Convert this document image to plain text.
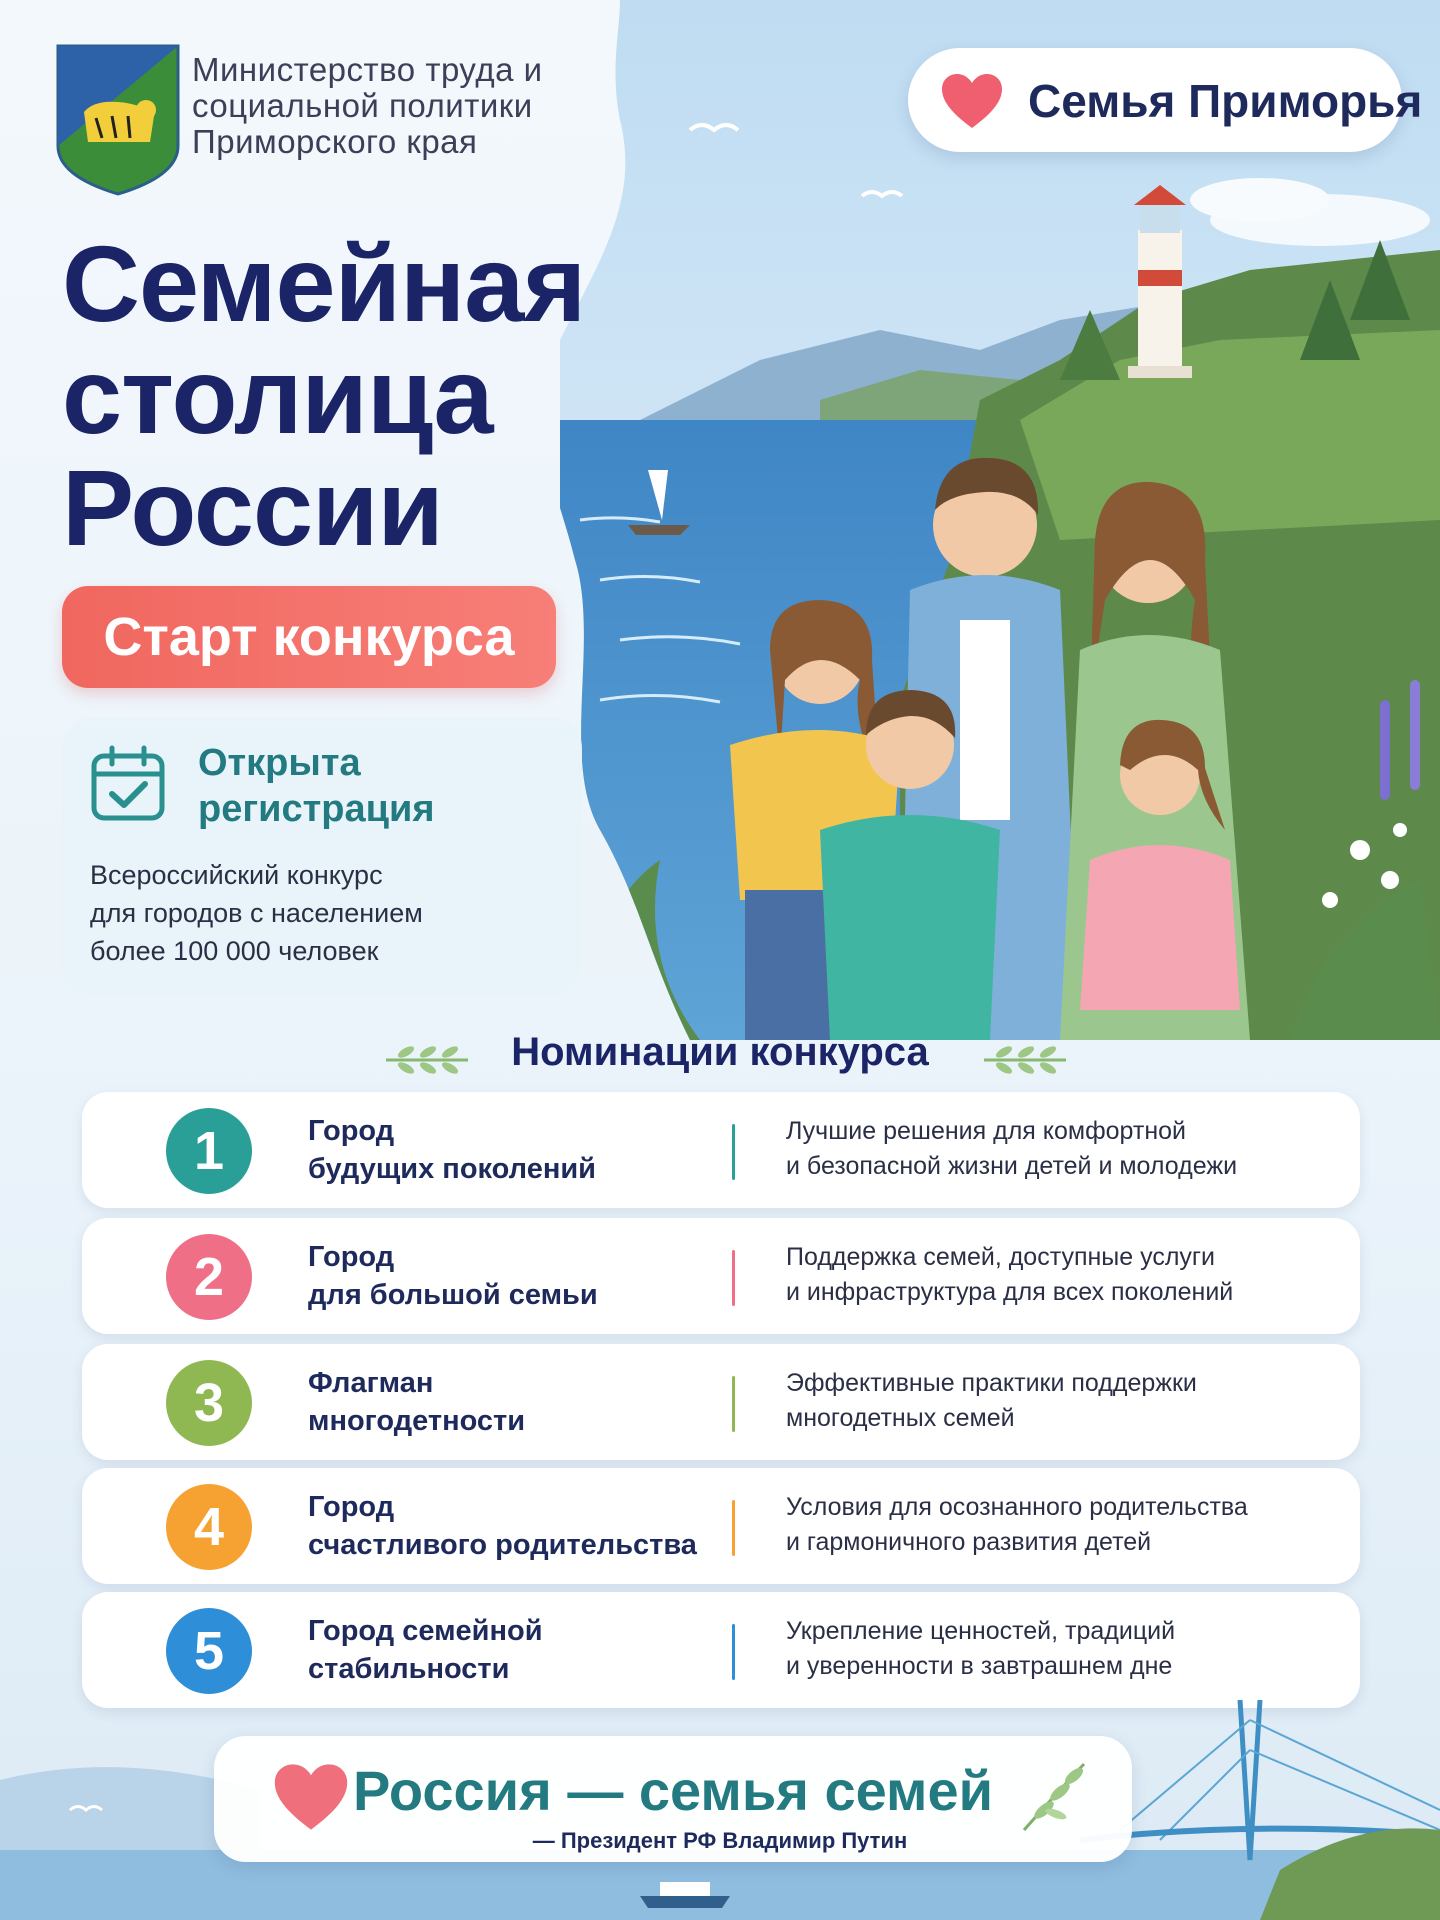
Министерство труда и
социальной политики
Приморского края
Семья Приморья
Семейная
столица
России
Старт конкурса
Открыта
регистрация
Всероссийский конкурс
для городов с населением
более 100 000 человек
Номинации конкурса
1	Город
будущих поколений
Лучшие решения для комфортной
и безопасной жизни детей и молодежи
2	Город
для большой семьи
Поддержка семей, доступные услуги
и инфраструктура для всех поколений
3	Флагман
многодетности
Эффективные практики поддержки
многодетных семей
4	Город
счастливого родительства
Условия для осознанного родительства
и гармоничного развития детей
5	Город семейной
стабильности
Укрепление ценностей, традиций
и уверенности в завтрашнем дне
Россия — семья семей
— Президент РФ Владимир Путин
